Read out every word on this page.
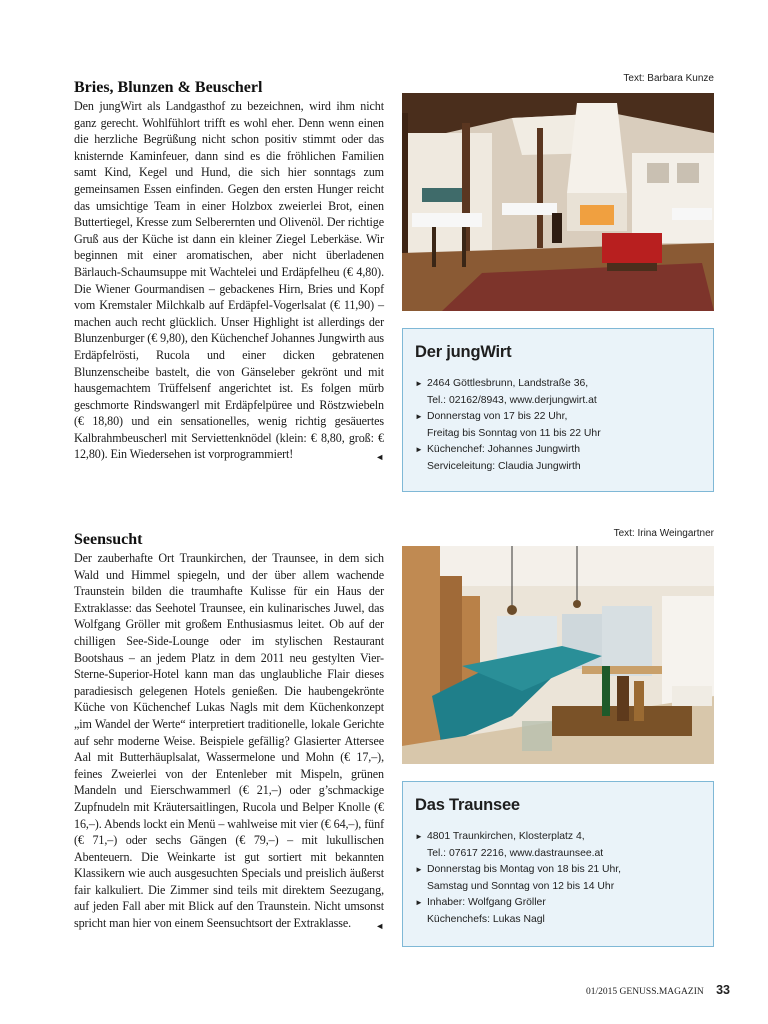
Bries, Blunzen & Beuscherl

Den jungWirt als Landgasthof zu bezeichnen, wird ihm nicht ganz gerecht. Wohlfühlort trifft es wohl eher. Denn wenn einen die herzliche Begrüßung nicht schon positiv stimmt oder das knisternde Kaminfeuer, dann sind es die fröhlichen Familien samt Kind, Kegel und Hund, die sich hier sonntags zum gemeinsamen Essen einfinden. Gegen den ersten Hunger reicht das umsichtige Team in einer Holzbox zweierlei Brot, einen Buttertiegel, Kresse zum Selberernten und Olivenöl. Der richtige Gruß aus der Küche ist dann ein kleiner Ziegel Leberkäse. Wir beginnen mit einer aromatischen, aber nicht überladenen Bärlauch-Schaumsuppe mit Wachtelei und Erdäpfelheu (€ 4,80). Die Wiener Gourmandisen – gebackenes Hirn, Bries und Kopf vom Kremstaler Milchkalb auf Erdäpfel-Vogerlsalat (€ 11,90) – machen auch recht glücklich. Unser Highlight ist allerdings der Blunzenburger (€ 9,80), den Küchenchef Johannes Jungwirth aus Erdäpfelrösti, Rucola und einer dicken gebratenen Blunzenscheibe bastelt, die von Gänseleber gekrönt und mit hausgemachtem Trüffelsenf angerichtet ist. Es folgen mürb geschmorte Rindswangerl mit Erdäpfelpüree und Röstzwiebeln (€ 18,80) und ein sensationelles, wenig richtig gesäuertes Kalbrahmbeuscherl mit Serviettenknödel (klein: € 8,80, groß: € 12,80). Ein Wiedersehen ist vorprogrammiert!	◄

Text: Barbara Kunze
Der jungWirt
► 2464 Göttlesbrunn, Landstraße 36,
Tel.: 02162/8943, www.derjungwirt.at
► Donnerstag von 17 bis 22 Uhr,
Freitag bis Sonntag von 11 bis 22 Uhr
► Küchenchef: Johannes Jungwirth
Serviceleitung: Claudia Jungwirth
Seensucht

Der zauberhafte Ort Traunkirchen, der Traunsee, in dem sich Wald und Himmel spiegeln, und der über allem wachende Traunstein bilden die traumhafte Kulisse für ein Haus der Extraklasse: das Seehotel Traunsee, ein kulinarisches Juwel, das Wolfgang Gröller mit großem Enthusiasmus leitet. Ob auf der chilligen See-Side-Lounge oder im stylischen Restaurant Bootshaus – an jedem Platz in dem 2011 neu gestylten Vier-Sterne-Superior-Hotel kann man das unglaubliche Flair dieses paradiesisch gelegenen Hotels genießen. Die haubengekrönte Küche von Küchenchef Lukas Nagls mit dem Küchenkonzept „im Wandel der Werte“ interpretiert traditionelle, lokale Gerichte auf sehr moderne Weise. Beispiele gefällig? Glasierter Attersee Aal mit Butterhäuplsalat, Wassermelone und Mohn (€ 17,–), feines Zweierlei von der Entenleber mit Mispeln, grünen Mandeln und Eierschwammerl (€ 21,–) oder g’schmackige Zupfnudeln mit Kräutersaitlingen, Rucola und Belper Knolle (€ 16,–). Abends lockt ein Menü – wahlweise mit vier (€ 64,–), fünf (€ 71,–) oder sechs Gängen (€ 79,–) – mit lukullischen Abenteuern. Die Weinkarte ist gut sortiert mit bekannten Klassikern wie auch ausgesuchten Specials und preislich äußerst fair kalkuliert. Die Zimmer sind teils mit direktem Seezugang, auf jeden Fall aber mit Blick auf den Traunstein. Nicht umsonst spricht man hier von einem Seensuchtsort der Extraklasse.	◄

Text: Irina Weingartner
Das Traunsee
► 4801 Traunkirchen, Klosterplatz 4,
Tel.: 07617 2216, www.dastraunsee.at
► Donnerstag bis Montag von 18 bis 21 Uhr,
Samstag und Sonntag von 12 bis 14 Uhr
► Inhaber: Wolfgang Gröller
Küchenchefs: Lukas Nagl
01/2015 GENUSS.MAGAZIN 33
